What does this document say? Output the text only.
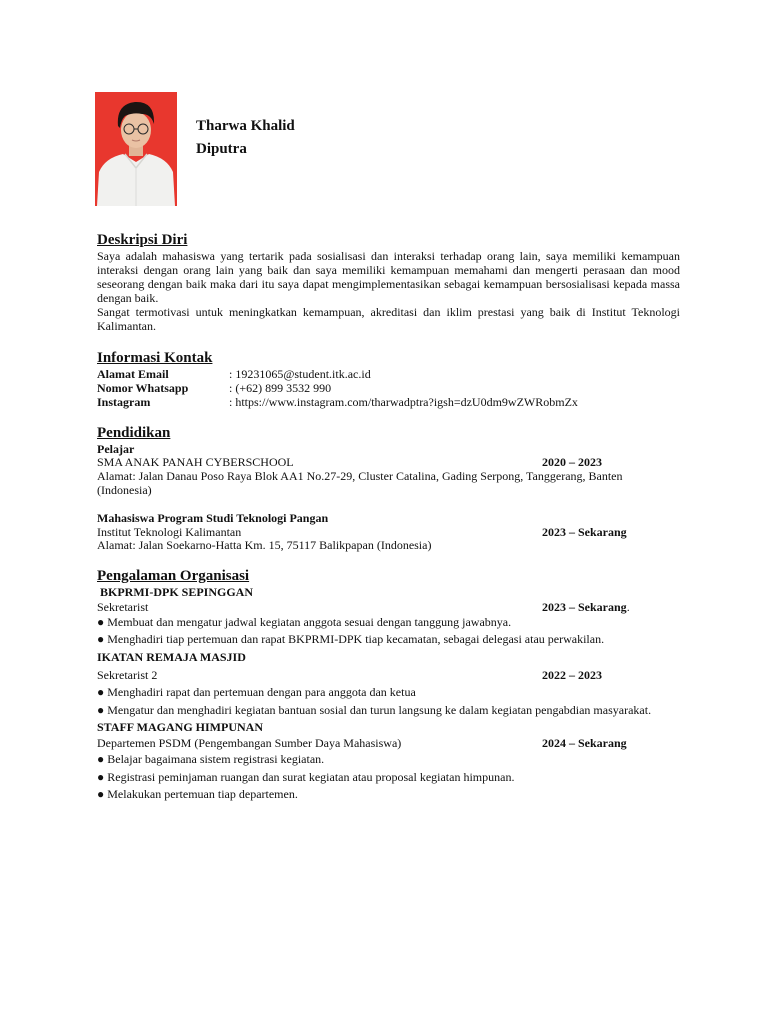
Tharwa Khalid
Diputra
Deskripsi Diri
Saya adalah mahasiswa yang tertarik pada sosialisasi dan interaksi terhadap orang lain, saya memiliki kemampuan interaksi dengan orang lain yang baik dan saya memiliki kemampuan memahami dan mengerti perasaan dan mood seseorang dengan baik maka dari itu saya dapat mengimplementasikan sebagai kemampuan bersosialisasi kepada massa dengan baik.
Sangat termotivasi untuk meningkatkan kemampuan, akreditasi dan iklim prestasi yang baik di Institut Teknologi Kalimantan.
Informasi Kontak
Alamat Email	: 19231065@student.itk.ac.id
Nomor Whatsapp	: (+62) 899 3532 990
Instagram	: https://www.instagram.com/tharwadptra?igsh=dzU0dm9wZWRobmZx
Pendidikan
Pelajar
SMA ANAK PANAH CYBERSCHOOL	2020 – 2023
Alamat: Jalan Danau Poso Raya Blok AA1 No.27-29, Cluster Catalina, Gading Serpong, Tanggerang, Banten (Indonesia)
Mahasiswa Program Studi Teknologi Pangan
Institut Teknologi Kalimantan	2023 – Sekarang
Alamat: Jalan Soekarno-Hatta Km. 15, 75117 Balikpapan (Indonesia)
Pengalaman Organisasi
BKPRMI-DPK SEPINGGAN
Sekretarist	2023 – Sekarang.
● Membuat dan mengatur jadwal kegiatan anggota sesuai dengan tanggung jawabnya.
● Menghadiri tiap pertemuan dan rapat BKPRMI-DPK tiap kecamatan, sebagai delegasi atau perwakilan.
IKATAN REMAJA MASJID
Sekretarist 2	2022 – 2023
● Menghadiri rapat dan pertemuan dengan para anggota dan ketua
● Mengatur dan menghadiri kegiatan bantuan sosial dan turun langsung ke dalam kegiatan pengabdian masyarakat.
STAFF MAGANG HIMPUNAN
Departemen PSDM (Pengembangan Sumber Daya Mahasiswa)	2024 – Sekarang
● Belajar bagaimana sistem registrasi kegiatan.
● Registrasi peminjaman ruangan dan surat kegiatan atau proposal kegiatan himpunan.
● Melakukan pertemuan tiap departemen.
